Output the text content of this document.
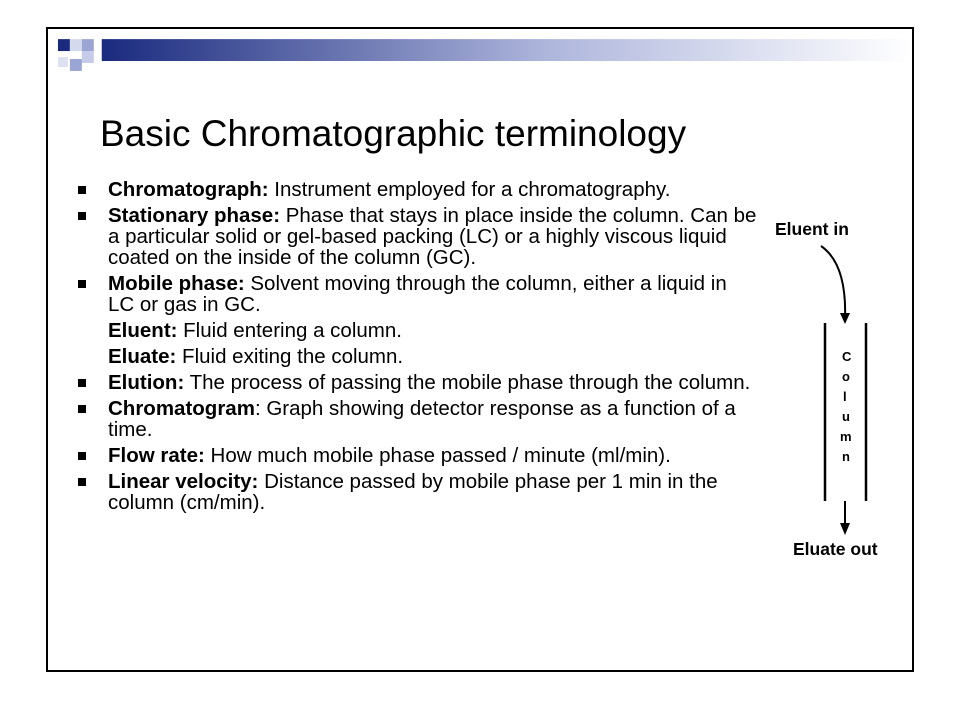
Basic Chromatographic terminology
Chromatograph: Instrument employed for a chromatography.
Stationary phase: Phase that stays in place inside the column. Can be a particular solid or gel-based packing (LC) or a highly viscous liquid coated on the inside of the column (GC).
Mobile phase: Solvent moving through the column, either a liquid in LC or gas in GC.
Eluent: Fluid entering a column.
Eluate: Fluid exiting the column.
Elution: The process of passing the mobile phase through the column.
Chromatogram: Graph showing detector response as a function of a time.
Flow rate: How much mobile phase passed / minute (ml/min).
Linear velocity: Distance passed by mobile phase per 1 min in the column (cm/min).
Eluent in
C
o
l
u
m
n
Eluate out
